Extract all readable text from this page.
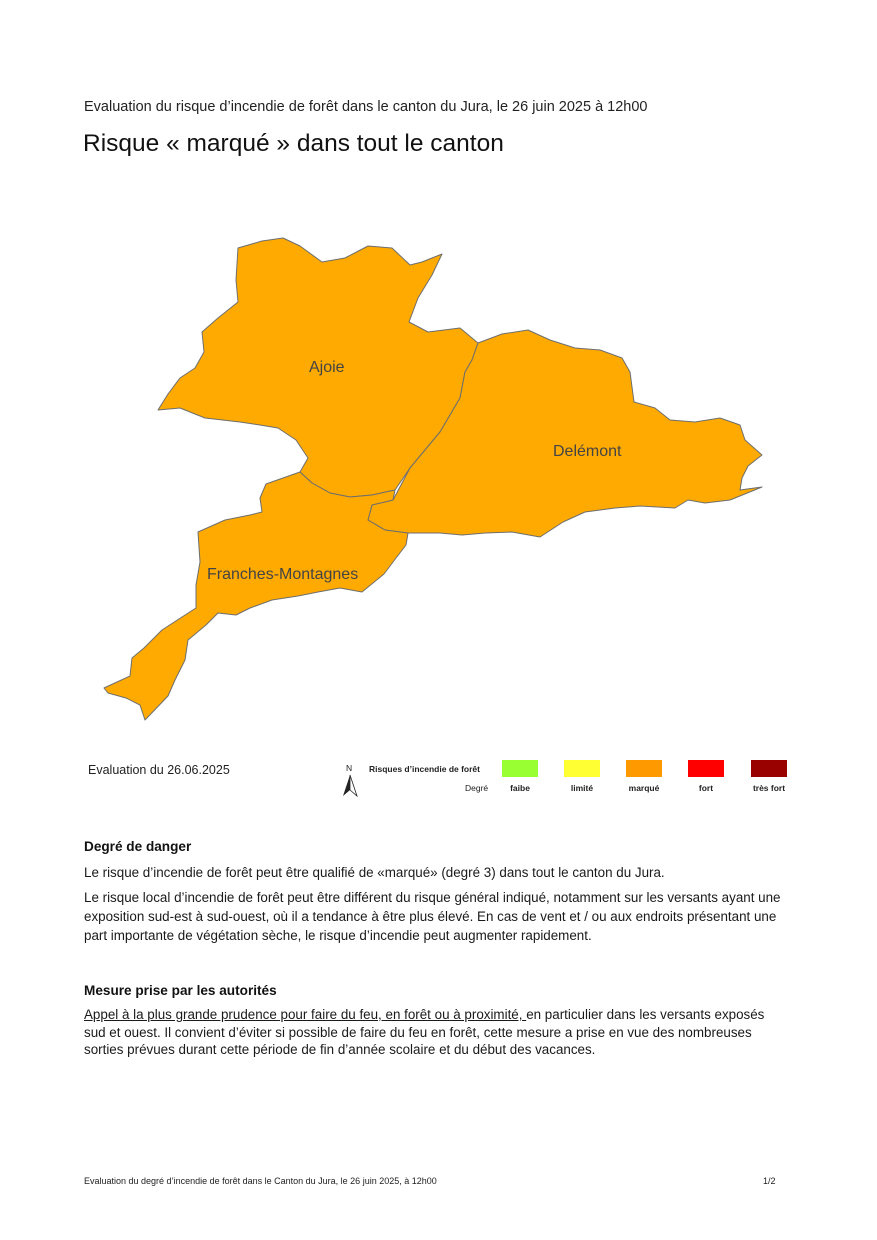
Evaluation du risque d’incendie de forêt dans le canton du Jura, le 26 juin 2025 à 12h00
Risque « marqué » dans tout le canton
Ajoie
Delémont
Franches-Montagnes
N Risques d’incendie de forêt
Degré	faibe	limité	marqué	fort	très fort
Evaluation du 26.06.2025
Degré de danger
Le risque d’incendie de forêt peut être qualifié de «marqué» (degré 3) dans tout le canton du Jura.
Le risque local d’incendie de forêt peut être différent du risque général indiqué, notamment sur les versants ayant une exposition sud-est à sud-ouest, où il a tendance à être plus élevé. En cas de vent et / ou aux endroits présentant une part importante de végétation sèche, le risque d’incendie peut augmenter rapidement.
Mesure prise par les autorités
Appel à la plus grande prudence pour faire du feu, en forêt ou à proximité, en particulier dans les versants exposés sud et ouest. Il convient d’éviter si possible de faire du feu en forêt, cette mesure a prise en vue des nombreuses sorties prévues durant cette période de fin d’année scolaire et du début des vacances.
Evaluation du degré d’incendie de forêt dans le Canton du Jura, le 26 juin 2025, à 12h00	1/2
